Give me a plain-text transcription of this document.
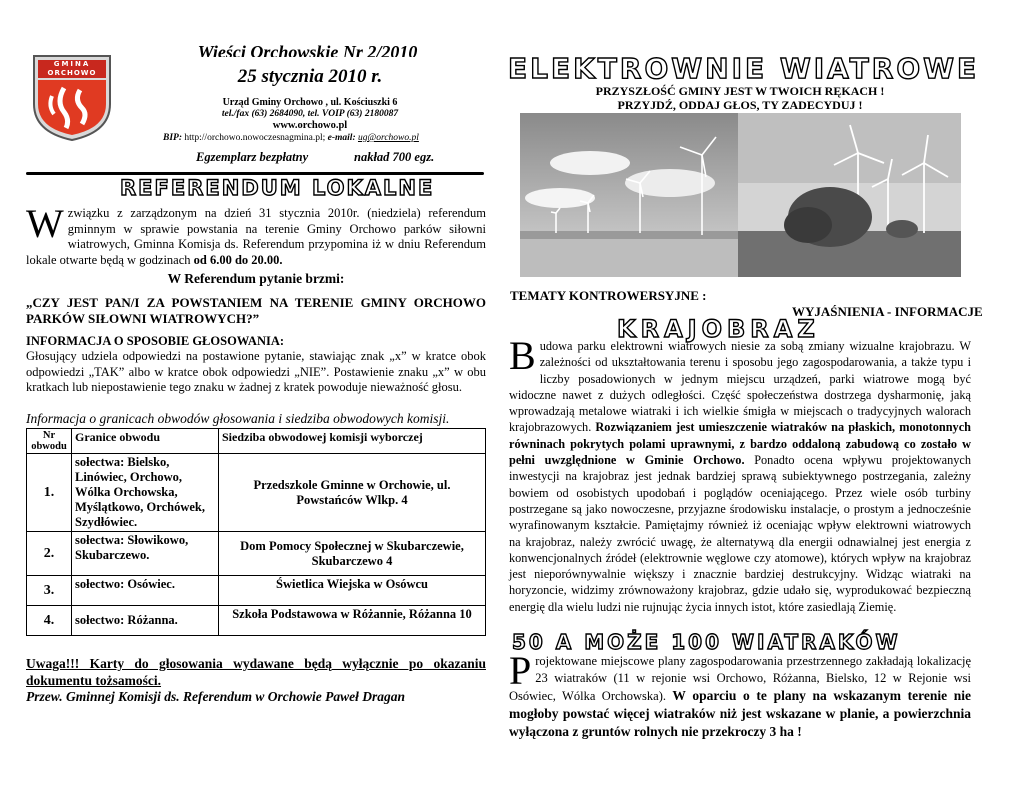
GMINA
ORCHOWO
Wieści Orchowskie Nr 2/2010
25 stycznia 2010 r.
Urząd Gminy Orchowo , ul. Kościuszki 6
tel./fax (63) 2684090, tel. VOIP (63) 2180087
www.orchowo.pl
BIP: http://orchowo.nowoczesnagmina.pl; e-mail: ug@orchowo.pl
Egzemplarz bezpłatny	nakład 700 egz.
REFERENDUM LOKALNE
W związku z zarządzonym na dzień 31 stycznia 2010r. (niedziela) referendum gminnym w sprawie powstania na terenie Gminy Orchowo parków siłowni wiatrowych, Gminna Komisja ds. Referendum przypomina iż w dniu Referendum lokale otwarte będą w godzinach od 6.00 do 20.00.
W Referendum pytanie brzmi:
„CZY JEST PAN/I ZA POWSTANIEM NA TERENIE GMINY ORCHOWO PARKÓW SIŁOWNI WIATROWYCH?”
INFORMACJA O SPOSOBIE GŁOSOWANIA:
Głosujący udziela odpowiedzi na postawione pytanie, stawiając znak „x” w kratce obok odpowiedzi „TAK” albo w kratce obok odpowiedzi „NIE”. Postawienie znaku „x” w obu kratkach lub niepostawienie tego znaku w żadnej z kratek powoduje nieważność głosu.
Informacja o granicach obwodów głosowania i siedziba obwodowych komisji.
Nr obwodu	Granice obwodu	Siedziba obwodowej komisji wyborczej
1.	sołectwa: Bielsko, Linówiec, Orchowo, Wólka Orchowska, Myślątkowo, Orchówek, Szydłówiec.	Przedszkole Gminne w Orchowie, ul. Powstańców Wlkp. 4
2.	sołectwa: Słowikowo, Skubarczewo.	Dom Pomocy Społecznej w Skubarczewie, Skubarczewo 4
3.	sołectwo: Osówiec.	Świetlica Wiejska w Osówcu
4.	sołectwo: Różanna.	Szkoła Podstawowa w Różannie, Różanna 10
Uwaga!!! Karty do głosowania wydawane będą wyłącznie po okazaniu dokumentu tożsamości.
Przew. Gminnej Komisji ds. Referendum w Orchowie Paweł Dragan
ELEKTROWNIE WIATROWE
PRZYSZŁOŚĆ GMINY JEST W TWOICH RĘKACH !
PRZYJDŹ, ODDAJ GŁOS, TY ZADECYDUJ !
TEMATY KONTROWERSYJNE :
WYJAŚNIENIA - INFORMACJE
KRAJOBRAZ
Budowa parku elektrowni wiatrowych niesie za sobą zmiany wizualne krajobrazu. W zależności od ukształtowania terenu i sposobu jego zagospodarowania, a także typu i liczby posadowionych w jednym miejscu urządzeń, parki wiatrowe mogą być widoczne nawet z dużych odległości. Część społeczeństwa dostrzega dysharmonię, jaką wprowadzają metalowe wiatraki i ich wielkie śmigła w miejscach o tradycyjnych walorach krajobrazowych. Rozwiązaniem jest umieszczenie wiatraków na płaskich, monotonnych równinach pokrytych polami uprawnymi, z bardzo oddaloną zabudową co zostało w pełni uwzględnione w Gminie Orchowo. Ponadto ocena wpływu projektowanych inwestycji na krajobraz jest jednak bardziej sprawą subiektywnego postrzegania, zależny bowiem od osobistych upodobań i poglądów oceniającego. Przez wiele osób turbiny postrzegane są jako nowoczesne, przyjazne środowisku instalacje, o prostym a jednocześnie wyrafinowanym kształcie. Pamiętajmy również iż oceniając wpływ elektrowni wiatrowych na krajobraz, należy zwrócić uwagę, że alternatywą dla energii odnawialnej jest energia z konwencjonalnych źródeł (elektrownie węglowe czy atomowe), których wpływ na krajobraz jest nieporównywalnie większy i znacznie bardziej destrukcyjny. Widząc wiatraki na horyzoncie, widzimy zrównoważony krajobraz, gdzie udało się, wyprodukować bezpieczną energię dla wielu ludzi nie rujnując życia innych istot, które zasiedlają Ziemię.
50 A MOŻE 100 WIATRAKÓW
Projektowane miejscowe plany zagospodarowania przestrzennego zakładają lokalizację 23 wiatraków (11 w rejonie wsi Orchowo, Różanna, Bielsko, 12 w Rejonie wsi Osówiec, Wólka Orchowska). W oparciu o te plany na wskazanym terenie nie mogłoby powstać więcej wiatraków niż jest wskazane w planie, a powierzchnia wyłączona z gruntów rolnych nie przekroczy 3 ha !
